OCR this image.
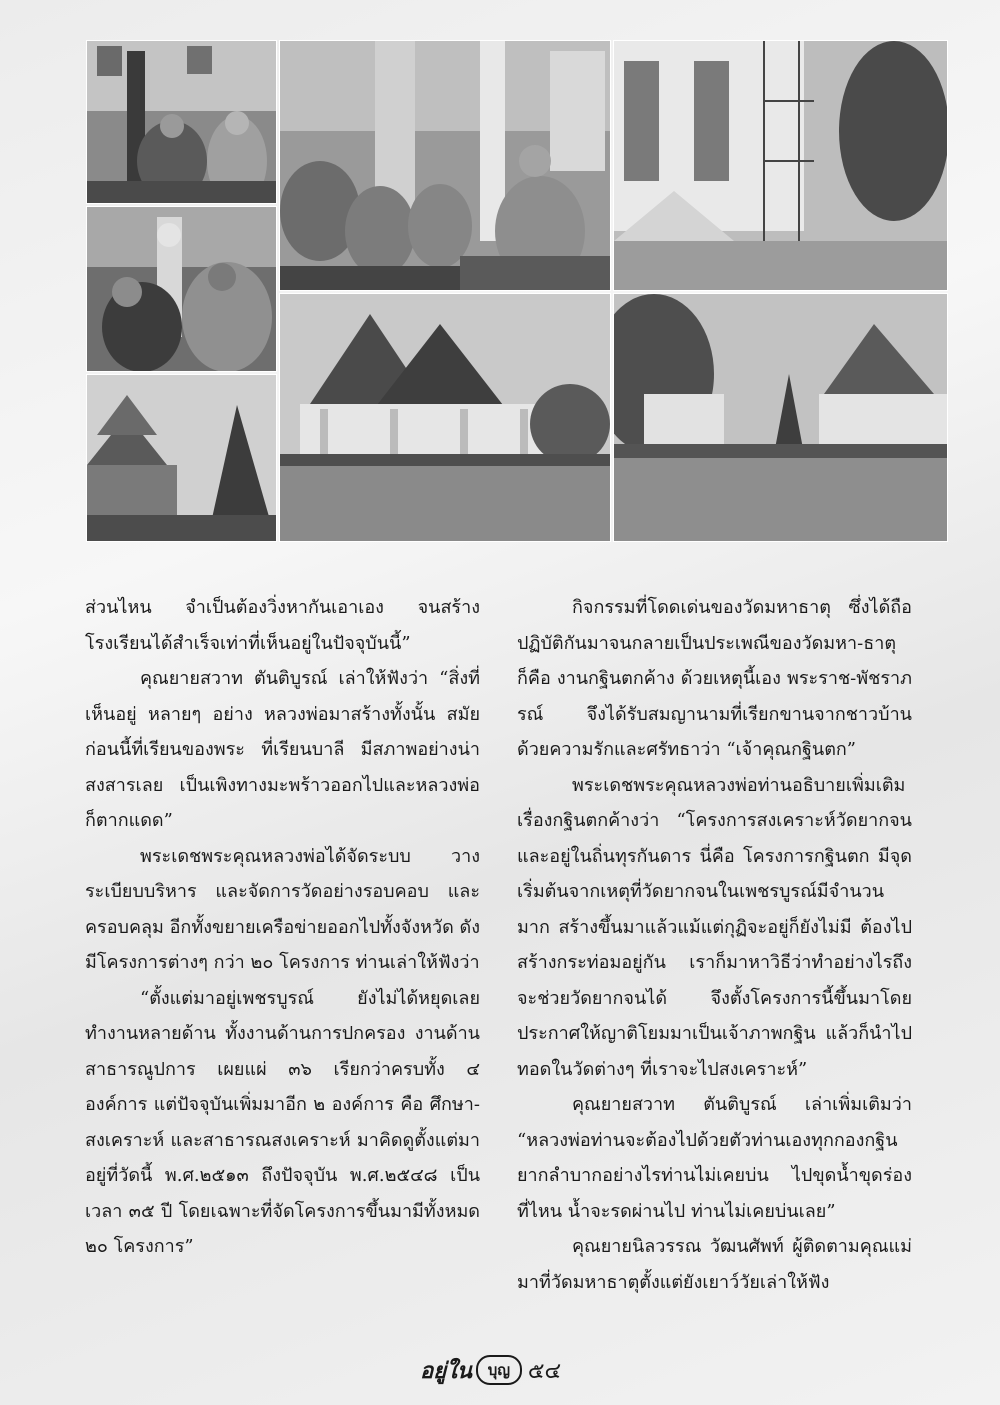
ส่วนไหน จำเป็นต้องวิ่งหากันเอาเอง จนสร้างโรงเรียนได้สำเร็จเท่าที่เห็นอยู่ในปัจจุบันนี้”

คุณยายสวาท ตันติบูรณ์ เล่าให้ฟังว่า “สิ่งที่เห็นอยู่ หลายๆ อย่าง หลวงพ่อมาสร้างทั้งนั้น สมัยก่อนนี้ที่เรียนของพระ ที่เรียนบาลี มีสภาพอย่างน่าสงสารเลย เป็นเพิงทางมะพร้าวออกไปและหลวงพ่อก็ตากแดด”

พระเดชพระคุณหลวงพ่อได้จัดระบบ วางระเบียบบริหาร และจัดการวัดอย่างรอบคอบ และครอบคลุม อีกทั้งขยายเครือข่ายออกไปทั้งจังหวัด ดังมีโครงการต่างๆ กว่า ๒๐ โครงการ ท่านเล่าให้ฟังว่า

“ตั้งแต่มาอยู่เพชรบูรณ์ ยังไม่ได้หยุดเลย ทำงานหลายด้าน ทั้งงานด้านการปกครอง งานด้านสาธารณูปการ เผยแผ่ ๓๖ เรียกว่าครบทั้ง ๔ องค์การ แต่ปัจจุบันเพิ่มมาอีก ๒ องค์การ คือ ศึกษา-สงเคราะห์ และสาธารณสงเคราะห์ มาคิดดูตั้งแต่มาอยู่ที่วัดนี้ พ.ศ.๒๕๑๓ ถึงปัจจุบัน พ.ศ.๒๕๔๘ เป็นเวลา ๓๕ ปี โดยเฉพาะที่จัดโครงการขึ้นมามีทั้งหมด ๒๐ โครงการ”

กิจกรรมที่โดดเด่นของวัดมหาธาตุ ซึ่งได้ถือปฏิบัติกันมาจนกลายเป็นประเพณีของวัดมหา-ธาตุ ก็คือ งานกฐินตกค้าง ด้วยเหตุนี้เอง พระราช-พัชราภรณ์ จึงได้รับสมญานามที่เรียกขานจากชาวบ้าน ด้วยความรักและศรัทธาว่า “เจ้าคุณกฐินตก”

พระเดชพระคุณหลวงพ่อท่านอธิบายเพิ่มเติมเรื่องกฐินตกค้างว่า “โครงการสงเคราะห์วัดยากจนและอยู่ในถิ่นทุรกันดาร นี่คือ โครงการกฐินตก มีจุดเริ่มต้นจากเหตุที่วัดยากจนในเพชรบูรณ์มีจำนวนมาก สร้างขึ้นมาแล้วแม้แต่กุฏิจะอยู่ก็ยังไม่มี ต้องไปสร้างกระท่อมอยู่กัน เราก็มาหาวิธีว่าทำอย่างไรถึงจะช่วยวัดยากจนได้ จึงตั้งโครงการนี้ขึ้นมาโดยประกาศให้ญาติโยมมาเป็นเจ้าภาพกฐิน แล้วก็นำไปทอดในวัดต่างๆ ที่เราจะไปสงเคราะห์”

คุณยายสวาท ตันติบูรณ์ เล่าเพิ่มเติมว่า “หลวงพ่อท่านจะต้องไปด้วยตัวท่านเองทุกกองกฐิน ยากลำบากอย่างไรท่านไม่เคยบ่น ไปขุดน้ำขุดร่องที่ไหน น้ำจะรดผ่านไป ท่านไม่เคยบ่นเลย”

คุณยายนิลวรรณ วัฒนศัพท์ ผู้ติดตามคุณแม่มาที่วัดมหาธาตุตั้งแต่ยังเยาว์วัยเล่าให้ฟัง

อยู่ใน	บุญ ๕๔
